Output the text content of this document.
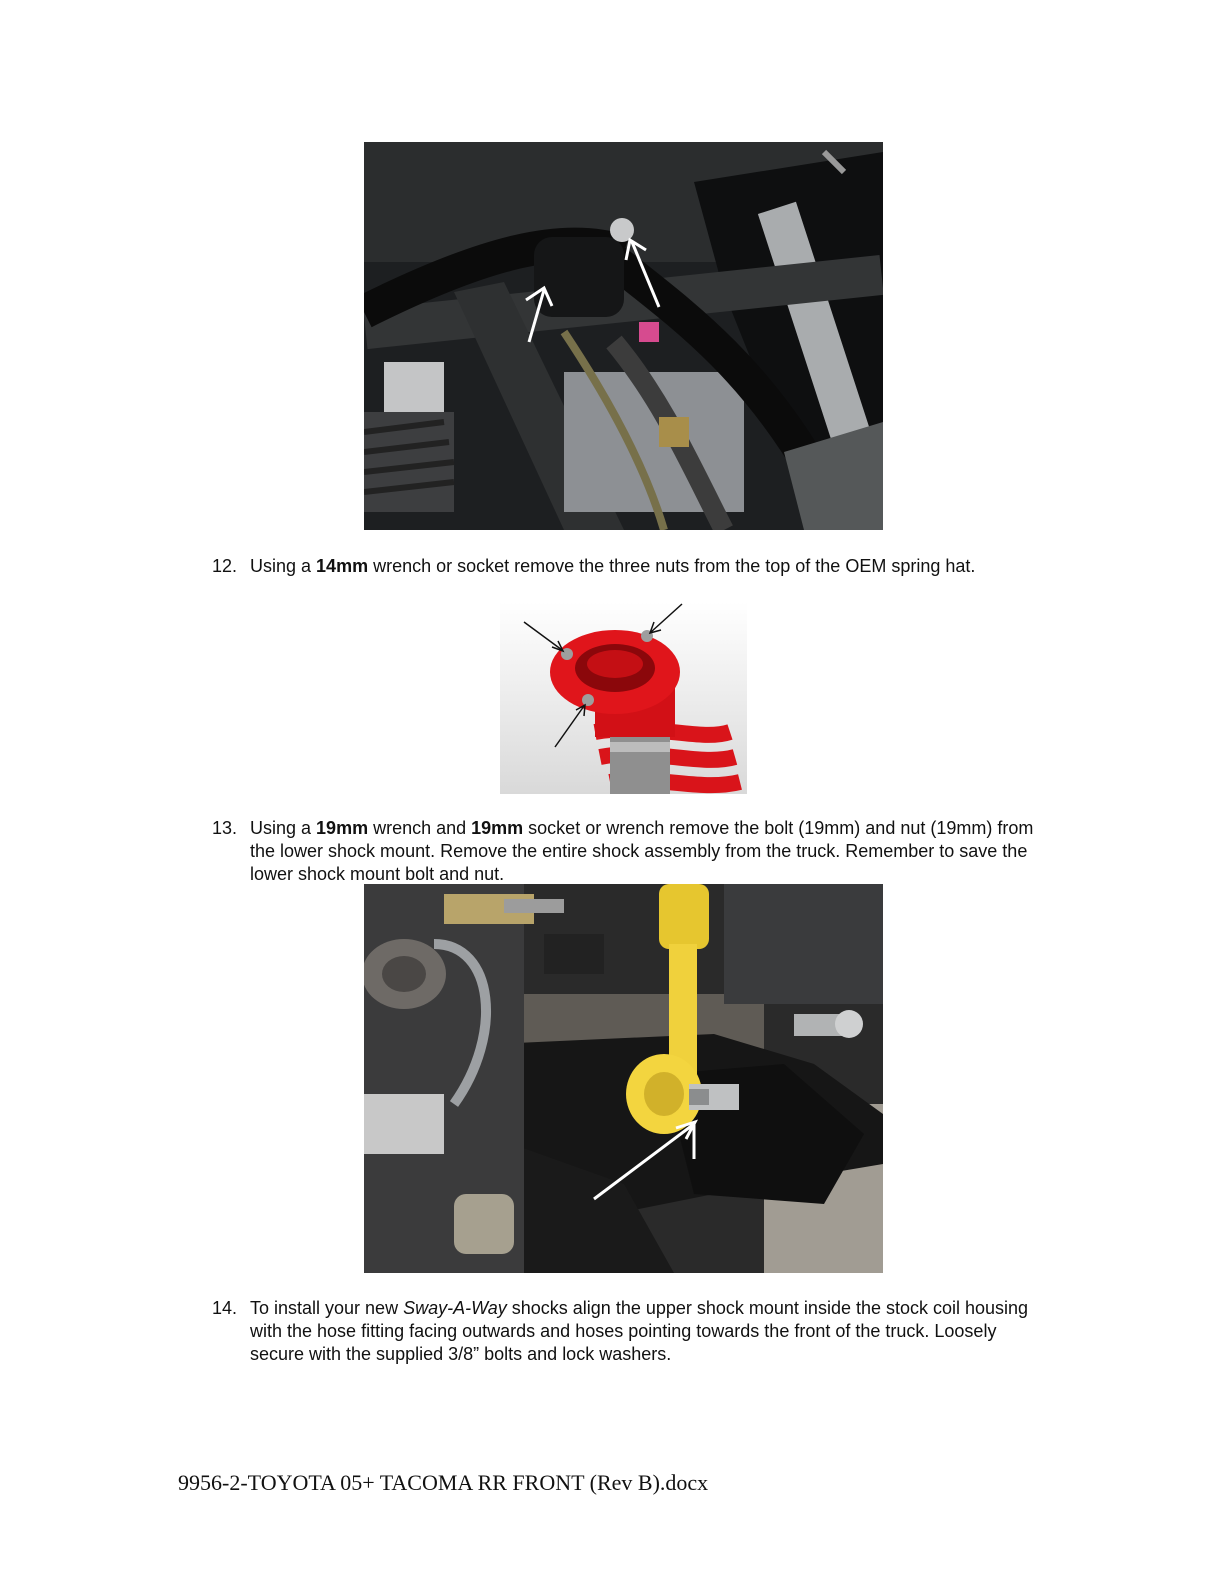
12. Using a 14mm wrench or socket remove the three nuts from the top of the OEM spring hat.
13. Using a 19mm wrench and 19mm socket or wrench remove the bolt (19mm) and nut (19mm) from the lower shock mount. Remove the entire shock assembly from the truck. Remember to save the lower shock mount bolt and nut.
14. To install your new Sway-A-Way shocks align the upper shock mount inside the stock coil housing with the hose fitting facing outwards and hoses pointing towards the front of the truck. Loosely secure with the supplied 3/8” bolts and lock washers.
9956-2-TOYOTA 05+ TACOMA RR FRONT (Rev B).docx
